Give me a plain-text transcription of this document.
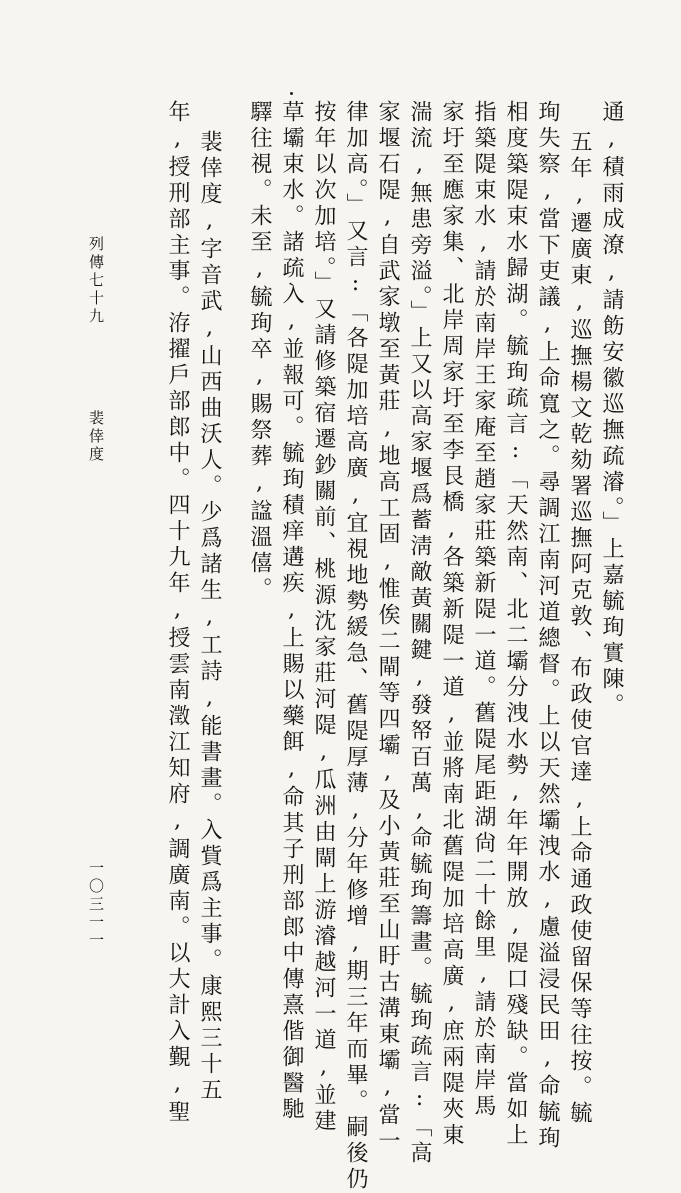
通,積雨成潦,請飭安徽巡撫疏濬。」上嘉毓珣實陳。
五年,遷廣東,巡撫楊文乾劾署巡撫阿克敦、布政使官達,上命通政使留保等往按。毓
珣失察,當下吏議,上命寬之。尋調江南河道總督。上以天然壩洩水,慮溢浸民田,命毓珣
相度築隄束水歸湖。毓珣疏言:「天然南、北二壩分洩水勢,年年開放,隄口殘缺。當如上
指築隄束水,請於南岸王家庵至趙家莊築新隄一道。舊隄尾距湖尙二十餘里,請於南岸馬
家圩至應家集、北岸周家圩至李艮橋,各築新隄一道,並將南北舊隄加培高廣,庶兩隄夾東
湍流,無患旁溢。」上又以高家堰爲蓄淸敵黃關鍵,發帑百萬,命毓珣籌畫。毓珣疏言:「高
家堰石隄,自武家墩至黃莊,地高工固,惟俟二閘等四壩,及小黃莊至山盱古溝東壩,當一
律加高。」又言:「各隄加培高廣,宜視地勢緩急、舊隄厚薄,分年修增,期三年而畢。嗣後仍
按年以次加培。」又請修築宿遷鈔關前、桃源沈家莊河隄,瓜洲由閘上游濬越河一道,並建
草壩束水。諸疏入,並報可。毓珣積痒遘疾,上賜以藥餌,命其子刑部郎中傳熹偕御醫馳
驛往視。未至,毓珣卒,賜祭葬,諡溫僖。
裴倖度,字音武,山西曲沃人。少爲諸生,工詩,能書畫。入貲爲主事。康熙三十五
年,授刑部主事。洊擢戶部郎中。四十九年,授雲南澂江知府,調廣南。以大計入覲,聖
列傳七十九
裴倖度
一〇三一一
